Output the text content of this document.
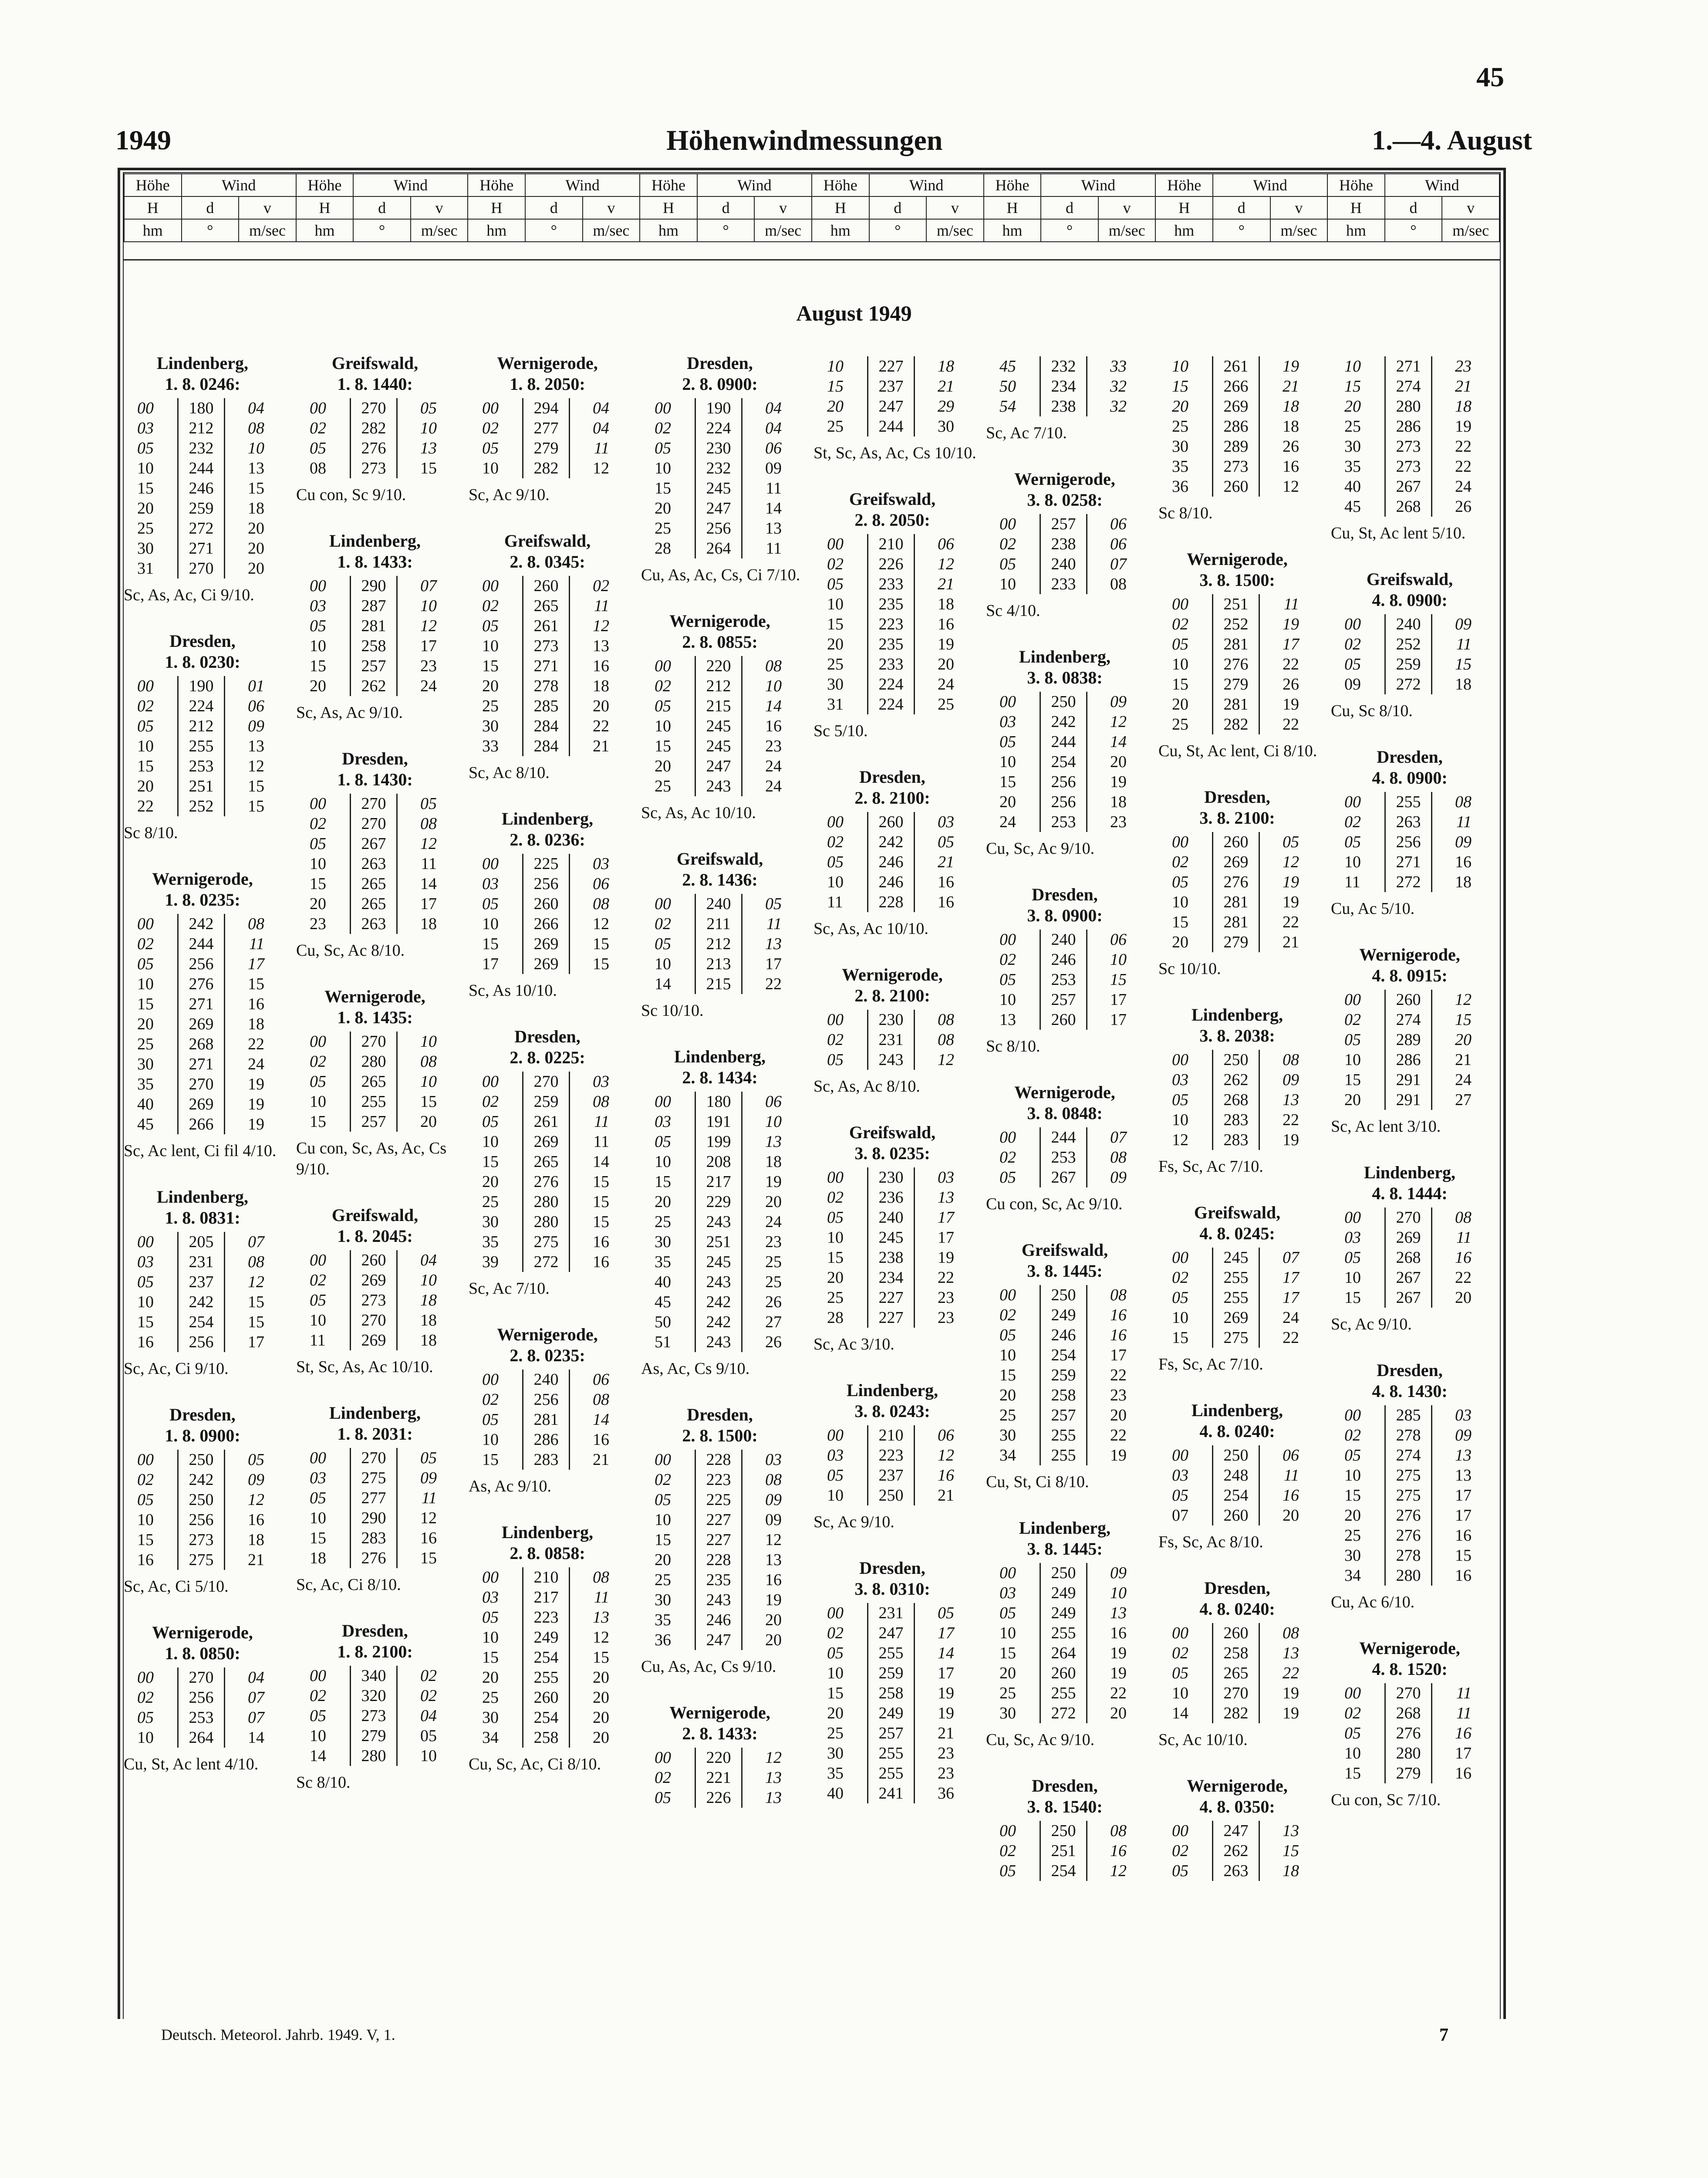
45
1949	Höhenwindmessungen	1.—4. August
Höhe	Wind		Höhe	Wind		Höhe	Wind		Höhe	Wind		Höhe	Wind		Höhe	Wind		Höhe	Wind		Höhe	Wind	
H	d	v	H	d	v	H	d	v	H	d	v	H	d	v	H	d	v	H	d	v	H	d	v
hm	°	m/sec	hm	°	m/sec	hm	°	m/sec	hm	°	m/sec	hm	°	m/sec	hm	°	m/sec	hm	°	m/sec	hm	°	m/sec
August 1949
Lindenberg,
1. 8. 0246:
00	180	04
03	212	08
05	232	10
10	244	13
15	246	15
20	259	18
25	272	20
30	271	20
31	270	20
Sc, As, Ac, Ci 9/10.
Dresden,
1. 8. 0230:
00	190	01
02	224	06
05	212	09
10	255	13
15	253	12
20	251	15
22	252	15
Sc 8/10.
Wernigerode,
1. 8. 0235:
00	242	08
02	244	11
05	256	17
10	276	15
15	271	16
20	269	18
25	268	22
30	271	24
35	270	19
40	269	19
45	266	19
Sc, Ac lent, Ci fil 4/10.
Lindenberg,
1. 8. 0831:
00	205	07
03	231	08
05	237	12
10	242	15
15	254	15
16	256	17
Sc, Ac, Ci 9/10.
Dresden,
1. 8. 0900:
00	250	05
02	242	09
05	250	12
10	256	16
15	273	18
16	275	21
Sc, Ac, Ci 5/10.
Wernigerode,
1. 8. 0850:
00	270	04
02	256	07
05	253	07
10	264	14
Cu, St, Ac lent 4/10.
Greifswald,
1. 8. 1440:
00	270	05
02	282	10
05	276	13
08	273	15
Cu con, Sc 9/10.
Lindenberg,
1. 8. 1433:
00	290	07
03	287	10
05	281	12
10	258	17
15	257	23
20	262	24
Sc, As, Ac 9/10.
Dresden,
1. 8. 1430:
00	270	05
02	270	08
05	267	12
10	263	11
15	265	14
20	265	17
23	263	18
Cu, Sc, Ac 8/10.
Wernigerode,
1. 8. 1435:
00	270	10
02	280	08
05	265	10
10	255	15
15	257	20
Cu con, Sc, As, Ac, Cs 9/10.
Greifswald,
1. 8. 2045:
00	260	04
02	269	10
05	273	18
10	270	18
11	269	18
St, Sc, As, Ac 10/10.
Lindenberg,
1. 8. 2031:
00	270	05
03	275	09
05	277	11
10	290	12
15	283	16
18	276	15
Sc, Ac, Ci 8/10.
Dresden,
1. 8. 2100:
00	340	02
02	320	02
05	273	04
10	279	05
14	280	10
Sc 8/10.
Wernigerode,
1. 8. 2050:
00	294	04
02	277	04
05	279	11
10	282	12
Sc, Ac 9/10.
Greifswald,
2. 8. 0345:
00	260	02
02	265	11
05	261	12
10	273	13
15	271	16
20	278	18
25	285	20
30	284	22
33	284	21
Sc, Ac 8/10.
Lindenberg,
2. 8. 0236:
00	225	03
03	256	06
05	260	08
10	266	12
15	269	15
17	269	15
Sc, As 10/10.
Dresden,
2. 8. 0225:
00	270	03
02	259	08
05	261	11
10	269	11
15	265	14
20	276	15
25	280	15
30	280	15
35	275	16
39	272	16
Sc, Ac 7/10.
Wernigerode,
2. 8. 0235:
00	240	06
02	256	08
05	281	14
10	286	16
15	283	21
As, Ac 9/10.
Lindenberg,
2. 8. 0858:
00	210	08
03	217	11
05	223	13
10	249	12
15	254	15
20	255	20
25	260	20
30	254	20
34	258	20
Cu, Sc, Ac, Ci 8/10.
Dresden,
2. 8. 0900:
00	190	04
02	224	04
05	230	06
10	232	09
15	245	11
20	247	14
25	256	13
28	264	11
Cu, As, Ac, Cs, Ci 7/10.
Wernigerode,
2. 8. 0855:
00	220	08
02	212	10
05	215	14
10	245	16
15	245	23
20	247	24
25	243	24
Sc, As, Ac 10/10.
Greifswald,
2. 8. 1436:
00	240	05
02	211	11
05	212	13
10	213	17
14	215	22
Sc 10/10.
Lindenberg,
2. 8. 1434:
00	180	06
03	191	10
05	199	13
10	208	18
15	217	19
20	229	20
25	243	24
30	251	23
35	245	25
40	243	25
45	242	26
50	242	27
51	243	26
As, Ac, Cs 9/10.
Dresden,
2. 8. 1500:
00	228	03
02	223	08
05	225	09
10	227	09
15	227	12
20	228	13
25	235	16
30	243	19
35	246	20
36	247	20
Cu, As, Ac, Cs 9/10.
Wernigerode,
2. 8. 1433:
00	220	12
02	221	13
05	226	13
10	227	18
15	237	21
20	247	29
25	244	30
St, Sc, As, Ac, Cs 10/10.
Greifswald,
2. 8. 2050:
00	210	06
02	226	12
05	233	21
10	235	18
15	223	16
20	235	19
25	233	20
30	224	24
31	224	25
Sc 5/10.
Dresden,
2. 8. 2100:
00	260	03
02	242	05
05	246	21
10	246	16
11	228	16
Sc, As, Ac 10/10.
Wernigerode,
2. 8. 2100:
00	230	08
02	231	08
05	243	12
Sc, As, Ac 8/10.
Greifswald,
3. 8. 0235:
00	230	03
02	236	13
05	240	17
10	245	17
15	238	19
20	234	22
25	227	23
28	227	23
Sc, Ac 3/10.
Lindenberg,
3. 8. 0243:
00	210	06
03	223	12
05	237	16
10	250	21
Sc, Ac 9/10.
Dresden,
3. 8. 0310:
00	231	05
02	247	17
05	255	14
10	259	17
15	258	19
20	249	19
25	257	21
30	255	23
35	255	23
40	241	36
45	232	33
50	234	32
54	238	32
Sc, Ac 7/10.
Wernigerode,
3. 8. 0258:
00	257	06
02	238	06
05	240	07
10	233	08
Sc 4/10.
Lindenberg,
3. 8. 0838:
00	250	09
03	242	12
05	244	14
10	254	20
15	256	19
20	256	18
24	253	23
Cu, Sc, Ac 9/10.
Dresden,
3. 8. 0900:
00	240	06
02	246	10
05	253	15
10	257	17
13	260	17
Sc 8/10.
Wernigerode,
3. 8. 0848:
00	244	07
02	253	08
05	267	09
Cu con, Sc, Ac 9/10.
Greifswald,
3. 8. 1445:
00	250	08
02	249	16
05	246	16
10	254	17
15	259	22
20	258	23
25	257	20
30	255	22
34	255	19
Cu, St, Ci 8/10.
Lindenberg,
3. 8. 1445:
00	250	09
03	249	10
05	249	13
10	255	16
15	264	19
20	260	19
25	255	22
30	272	20
Cu, Sc, Ac 9/10.
Dresden,
3. 8. 1540:
00	250	08
02	251	16
05	254	12
10	261	19
15	266	21
20	269	18
25	286	18
30	289	26
35	273	16
36	260	12
Sc 8/10.
Wernigerode,
3. 8. 1500:
00	251	11
02	252	19
05	281	17
10	276	22
15	279	26
20	281	19
25	282	22
Cu, St, Ac lent, Ci 8/10.
Dresden,
3. 8. 2100:
00	260	05
02	269	12
05	276	19
10	281	19
15	281	22
20	279	21
Sc 10/10.
Lindenberg,
3. 8. 2038:
00	250	08
03	262	09
05	268	13
10	283	22
12	283	19
Fs, Sc, Ac 7/10.
Greifswald,
4. 8. 0245:
00	245	07
02	255	17
05	255	17
10	269	24
15	275	22
Fs, Sc, Ac 7/10.
Lindenberg,
4. 8. 0240:
00	250	06
03	248	11
05	254	16
07	260	20
Fs, Sc, Ac 8/10.
Dresden,
4. 8. 0240:
00	260	08
02	258	13
05	265	22
10	270	19
14	282	19
Sc, Ac 10/10.
Wernigerode,
4. 8. 0350:
00	247	13
02	262	15
05	263	18
10	271	23
15	274	21
20	280	18
25	286	19
30	273	22
35	273	22
40	267	24
45	268	26
Cu, St, Ac lent 5/10.
Greifswald,
4. 8. 0900:
00	240	09
02	252	11
05	259	15
09	272	18
Cu, Sc 8/10.
Dresden,
4. 8. 0900:
00	255	08
02	263	11
05	256	09
10	271	16
11	272	18
Cu, Ac 5/10.
Wernigerode,
4. 8. 0915:
00	260	12
02	274	15
05	289	20
10	286	21
15	291	24
20	291	27
Sc, Ac lent 3/10.
Lindenberg,
4. 8. 1444:
00	270	08
03	269	11
05	268	16
10	267	22
15	267	20
Sc, Ac 9/10.
Dresden,
4. 8. 1430:
00	285	03
02	278	09
05	274	13
10	275	13
15	275	17
20	276	17
25	276	16
30	278	15
34	280	16
Cu, Ac 6/10.
Wernigerode,
4. 8. 1520:
00	270	11
02	268	11
05	276	16
10	280	17
15	279	16
Cu con, Sc 7/10.
Deutsch. Meteorol. Jahrb. 1949. V, 1.	7
